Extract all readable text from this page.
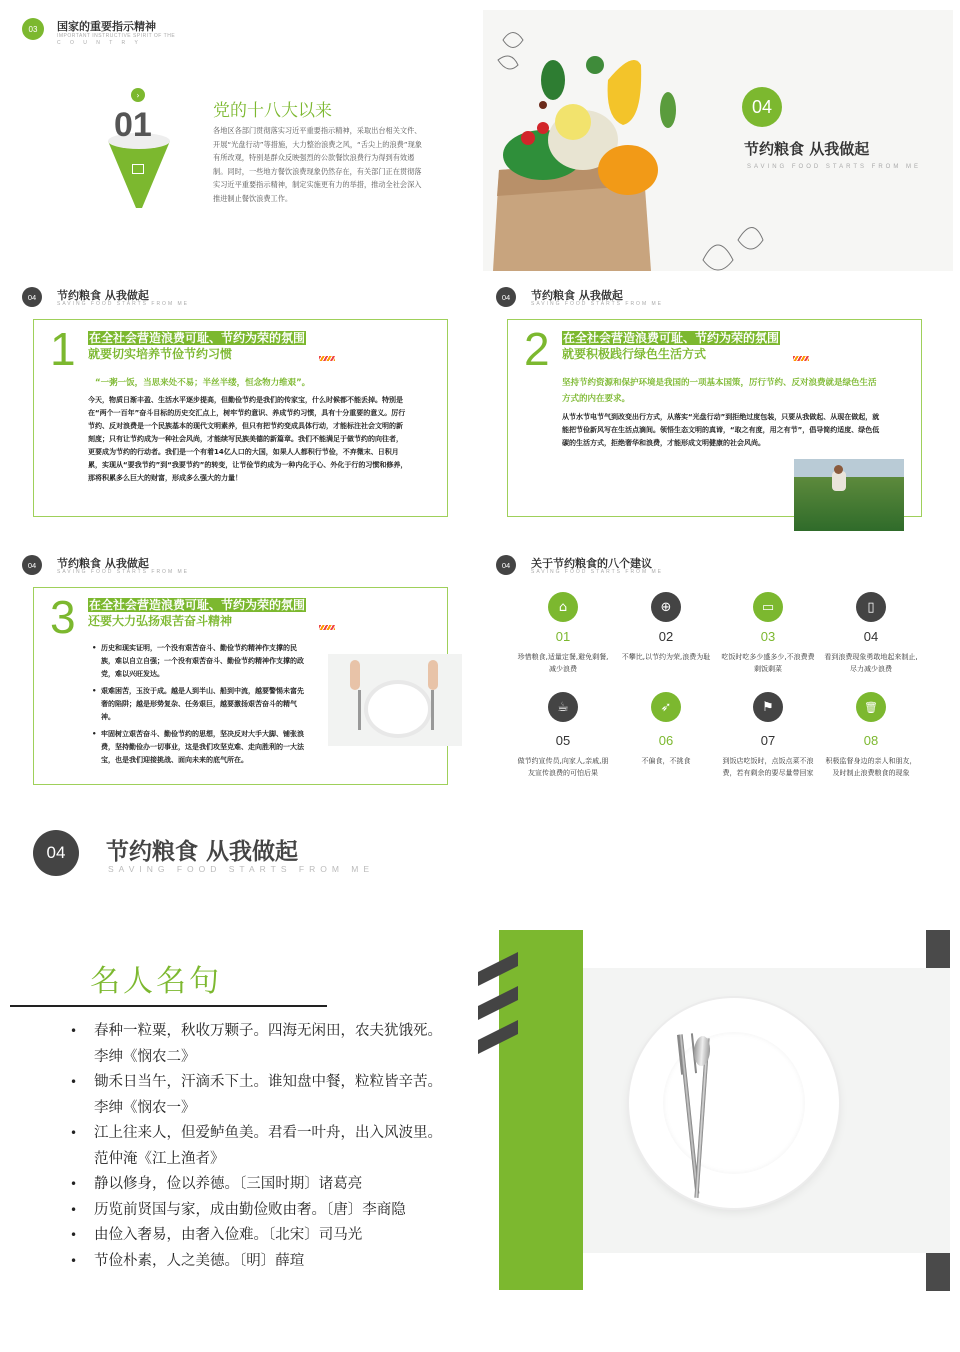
03	国家的重要指示精神
IMPORTANT INSTRUCTIVE SPIRIT OF THE
C O U N T R Y
›
01	党的十八大以来
各地区各部门贯彻落实习近平重要指示精神，采取出台相关文件、开展“光盘行动”等措施，大力整治浪费之风，“舌尖上的浪费”现象有所改观，特别是群众反映强烈的公款餐饮浪费行为得到有效遏制。同时，一些地方餐饮浪费现象仍然存在，有关部门正在贯彻落实习近平重要指示精神，制定实施更有力的举措，推动全社会深入推进制止餐饮浪费工作。
04
节约粮食 从我做起
SAVING FOOD STARTS FROM ME
04	节约粮食 从我做起
SAVING FOOD STARTS FROM ME
1 在全社会营造浪费可耻、节约为荣的氛围
就要切实培养节俭节约习惯
“一粥一饭，当思来处不易；半丝半缕，恒念物力维艰”。
今天，物质日渐丰盈、生活水平逐步提高，但勤俭节约是我们的传家宝，什么时候都不能丢掉。特别是在“两个一百年”奋斗目标的历史交汇点上，树牢节约意识、养成节约习惯，具有十分重要的意义。厉行节约、反对浪费是一个民族基本的现代文明素养，但只有把节约变成具体行动，才能标注社会文明的新刻度；只有让节约成为一种社会风尚，才能续写民族美德的新篇章。我们不能满足于做节约的向往者，更要成为节约的行动者。我们是一个有着14亿人口的大国，如果人人都积行节俭，不弃微末、日积月累，实现从“要我节约”到“我要节约”的转变，让节俭节约成为一种内化于心、外化于行的习惯和修养，那将积累多么巨大的财富，形成多么强大的力量！
04	节约粮食 从我做起
SAVING FOOD STARTS FROM ME
2 在全社会营造浪费可耻、节约为荣的氛围
就要积极践行绿色生活方式
坚持节约资源和保护环境是我国的一项基本国策，厉行节约、反对浪费就是绿色生活方式的内在要求。
从节水节电节气到改变出行方式，从落实“光盘行动”到拒绝过度包装，只要从我做起、从现在做起，就能把节俭新风写在生活点滴间。领悟生态文明的真谛，“取之有度，用之有节”，倡导简约适度、绿色低碳的生活方式，拒绝奢华和浪费，才能形成文明健康的社会风尚。
04	节约粮食 从我做起
SAVING FOOD STARTS FROM ME
3 在全社会营造浪费可耻、节约为荣的氛围
还要大力弘扬艰苦奋斗精神
• 历史和现实证明，一个没有艰苦奋斗、勤俭节约精神作支撑的民族，难以自立自强；一个没有艰苦奋斗、勤俭节约精神作支撑的政党，难以兴旺发达。
• 艰难困苦，玉汝于成。越是人到半山、船到中流，越要警惕未富先奢的陷阱；越是形势复杂、任务艰巨，越要激扬艰苦奋斗的精气神。
• 牢固树立艰苦奋斗、勤俭节约的思想，坚决反对大手大脚、铺张浪费，坚持勤俭办一切事业，这是我们攻坚克难、走向胜利的一大法宝，也是我们迎接挑战、面向未来的底气所在。
04	关于节约粮食的八个建议
SAVING FOOD STARTS FROM ME
⌂
01
珍惜粮食,适量定餐,避免剩餐,减少浪费
⊕
02
不攀比,以节约为荣,浪费为耻
▭
03
吃饭时吃多少盛多少,不浪费费剩饭剩菜
▯
04
看到浪费现象勇敢地起来制止,尽力减少浪费
☕
05
做节约宣传员,向家人,亲戚,朋友宣传浪费的可怕后果
➶
06
不偏食，不挑食
⚑
07
到饭店吃饭时，点饭点菜不浪费，若有剩余的要尽量带回家
🗑
08
积极监督身边的亲人和朋友，及时制止浪费粮食的现象
04	节约粮食 从我做起
SAVING FOOD STARTS FROM ME
名人名句
• 春种一粒粟，秋收万颗子。四海无闲田，农夫犹饿死。
李绅《悯农二》
• 锄禾日当午，汗滴禾下土。谁知盘中餐，粒粒皆辛苦。
李绅《悯农一》
• 江上往来人，但爱鲈鱼美。君看一叶舟，出入风波里。
范仲淹《江上渔者》
• 静以修身，俭以养德。〔三国时期〕诸葛亮
• 历览前贤国与家，成由勤俭败由奢。〔唐〕李商隐
• 由俭入奢易，由奢入俭难。〔北宋〕司马光
• 节俭朴素，人之美德。〔明〕薛瑄
